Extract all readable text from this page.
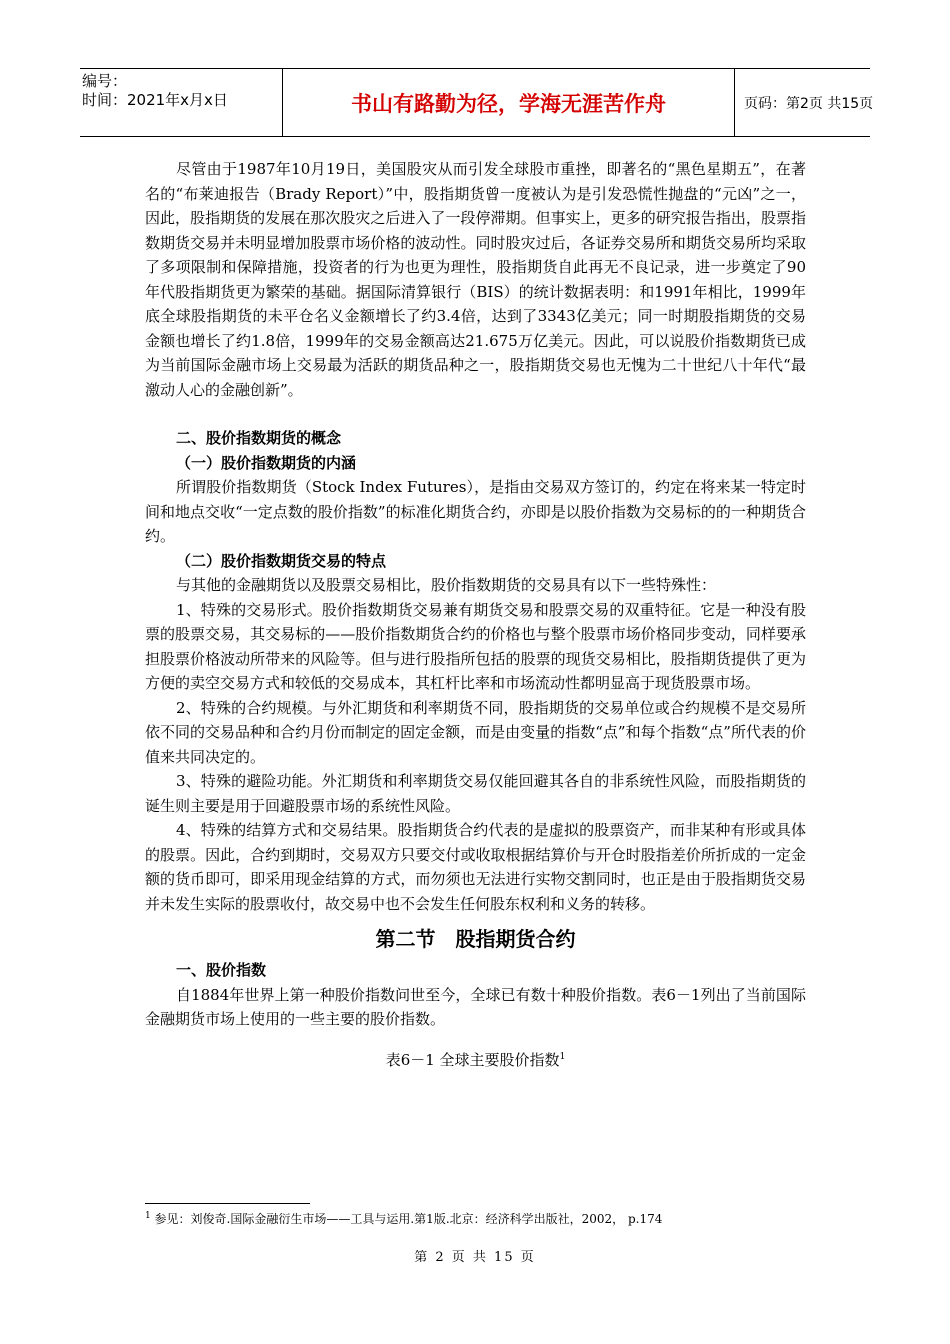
编号：
时间：2021年x月x日	书山有路勤为径，学海无涯苦作舟	页码：第2页 共15页

尽管由于1987年10月19日，美国股灾从而引发全球股市重挫，即著名的“黑色星期五”，在著名的“布莱迪报告（Brady Report）”中，股指期货曾一度被认为是引发恐慌性抛盘的“元凶”之一，因此，股指期货的发展在那次股灾之后进入了一段停滞期。但事实上，更多的研究报告指出，股票指数期货交易并未明显增加股票市场价格的波动性。同时股灾过后，各证券交易所和期货交易所均采取了多项限制和保障措施，投资者的行为也更为理性，股指期货自此再无不良记录，进一步奠定了90年代股指期货更为繁荣的基础。据国际清算银行（BIS）的统计数据表明：和1991年相比，1999年底全球股指期货的未平仓名义金额增长了约3.4倍，达到了3343亿美元；同一时期股指期货的交易金额也增长了约1.8倍，1999年的交易金额高达21.675万亿美元。因此，可以说股价指数期货已成为当前国际金融市场上交易最为活跃的期货品种之一，股指期货交易也无愧为二十世纪八十年代“最激动人心的金融创新”。

二、股价指数期货的概念
（一）股价指数期货的内涵

所谓股价指数期货（Stock Index Futures），是指由交易双方签订的，约定在将来某一特定时间和地点交收“一定点数的股价指数”的标准化期货合约，亦即是以股价指数为交易标的的一种期货合约。

（二）股价指数期货交易的特点

与其他的金融期货以及股票交易相比，股价指数期货的交易具有以下一些特殊性：

1、特殊的交易形式。股价指数期货交易兼有期货交易和股票交易的双重特征。它是一种没有股票的股票交易，其交易标的——股价指数期货合约的价格也与整个股票市场价格同步变动，同样要承担股票价格波动所带来的风险等。但与进行股指所包括的股票的现货交易相比，股指期货提供了更为方便的卖空交易方式和较低的交易成本，其杠杆比率和市场流动性都明显高于现货股票市场。

2、特殊的合约规模。与外汇期货和利率期货不同，股指期货的交易单位或合约规模不是交易所依不同的交易品种和合约月份而制定的固定金额，而是由变量的指数“点”和每个指数“点”所代表的价值来共同决定的。

3、特殊的避险功能。外汇期货和利率期货交易仅能回避其各自的非系统性风险，而股指期货的诞生则主要是用于回避股票市场的系统性风险。

4、特殊的结算方式和交易结果。股指期货合约代表的是虚拟的股票资产，而非某种有形或具体的股票。因此，合约到期时，交易双方只要交付或收取根据结算价与开仓时股指差价所折成的一定金额的货币即可，即采用现金结算的方式，而勿须也无法进行实物交割同时，也正是由于股指期货交易并未发生实际的股票收付，故交易中也不会发生任何股东权利和义务的转移。

第二节　股指期货合约
一、股价指数

自1884年世界上第一种股价指数问世至今，全球已有数十种股价指数。表6－1列出了当前国际金融期货市场上使用的一些主要的股价指数。

表6－1 全球主要股价指数$^1$
$^1$ 参见：刘俊奇.国际金融衍生市场——工具与运用.第1版.北京：经济科学出版社，2002， p.174
第 2 页 共 15 页
